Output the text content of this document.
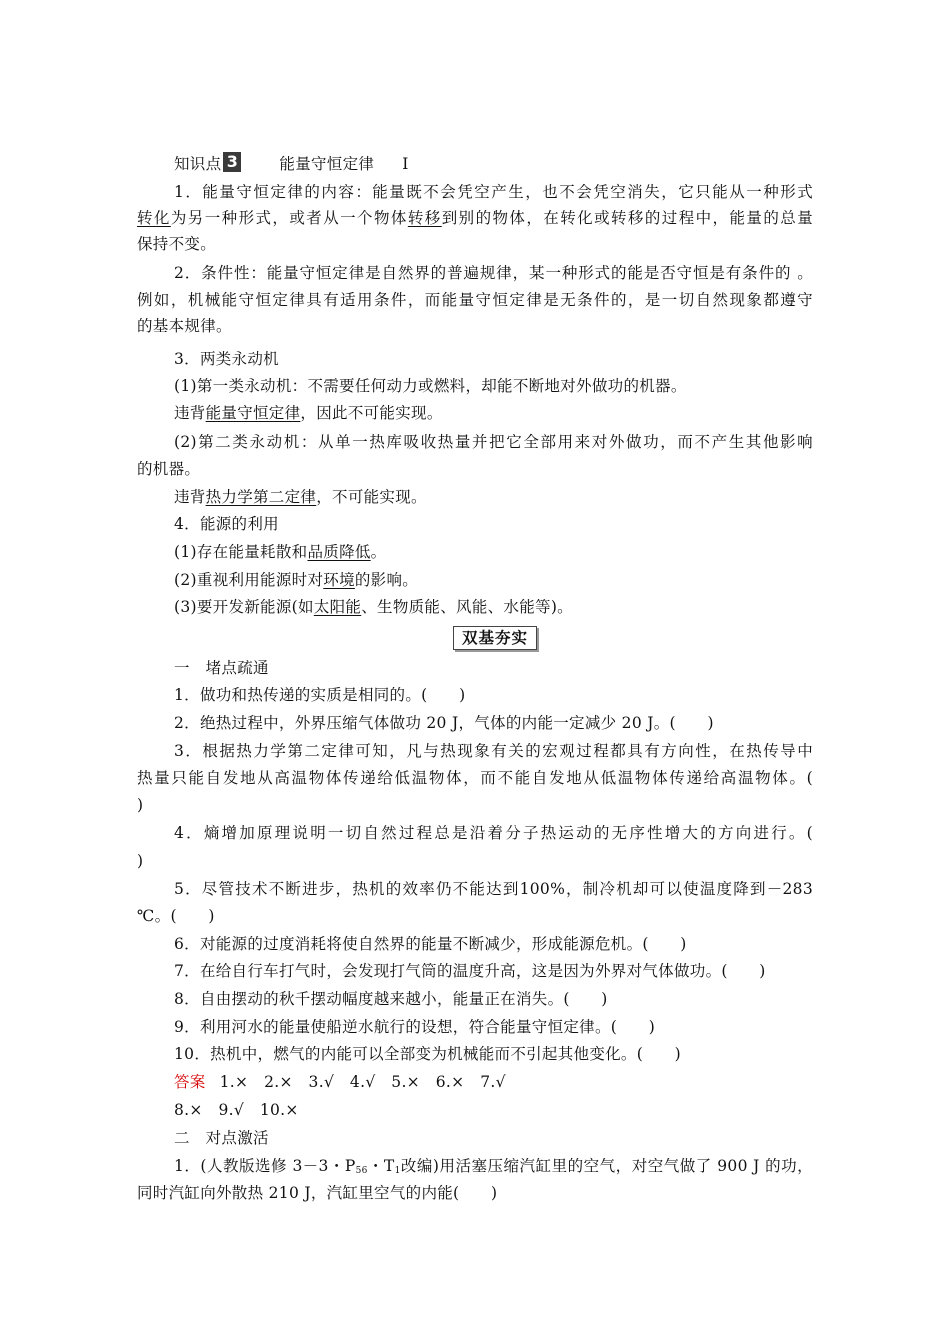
知识点 3	能量守恒定律 Ⅰ
1．能量守恒定律的内容：能量既不会凭空产生，也不会凭空消失，它只能从一种形式
转化为另一种形式，或者从一个物体转移到别的物体，在转化或转移的过程中，能量的总量
保持不变。
2．条件性：能量守恒定律是自然界的普遍规律，某一种形式的能是否守恒是有条件的 。
例如，机械能守恒定律具有适用条件，而能量守恒定律是无条件的，是一切自然现象都遵守
的基本规律。
3．两类永动机
(1)第一类永动机：不需要任何动力或燃料，却能不断地对外做功的机器。
违背能量守恒定律，因此不可能实现。
(2)第二类永动机：从单一热库吸收热量并把它全部用来对外做功，而不产生其他影响
的机器。
违背热力学第二定律，不可能实现。
4．能源的利用
(1)存在能量耗散和品质降低。
(2)重视利用能源时对环境的影响。
(3)要开发新能源(如太阳能、生物质能、风能、水能等)。
双基夯实
一　堵点疏通
1．做功和热传递的实质是相同的。(　　)
2．绝热过程中，外界压缩气体做功 20 J，气体的内能一定减少 20 J。(　　)
3．根据热力学第二定律可知，凡与热现象有关的宏观过程都具有方向性，在热传导中
热量只能自发地从高温物体传递给低温物体，而不能自发地从低温物体传递给高温物体。(
)
4．熵增加原理说明一切自然过程总是沿着分子热运动的无序性增大的方向进行。(
)
5．尽管技术不断进步，热机的效率仍不能达到100%，制冷机却可以使温度降到－283
℃。(　　)
6．对能源的过度消耗将使自然界的能量不断减少，形成能源危机。(　　)
7．在给自行车打气时，会发现打气筒的温度升高，这是因为外界对气体做功。(　　)
8．自由摆动的秋千摆动幅度越来越小，能量正在消失。(　　)
9．利用河水的能量使船逆水航行的设想，符合能量守恒定律。(　　)
10．热机中，燃气的内能可以全部变为机械能而不引起其他变化。(　　)
答案 1.×　2.×　3.√　4.√　5.×　6.×　7.√
8.×　9.√　10.×
二　对点激活
1．(人教版选修 3－3・$P_{56}$・$T_1$改编)用活塞压缩汽缸里的空气，对空气做了 900 J 的功，
同时汽缸向外散热 210 J，汽缸里空气的内能(　　)
